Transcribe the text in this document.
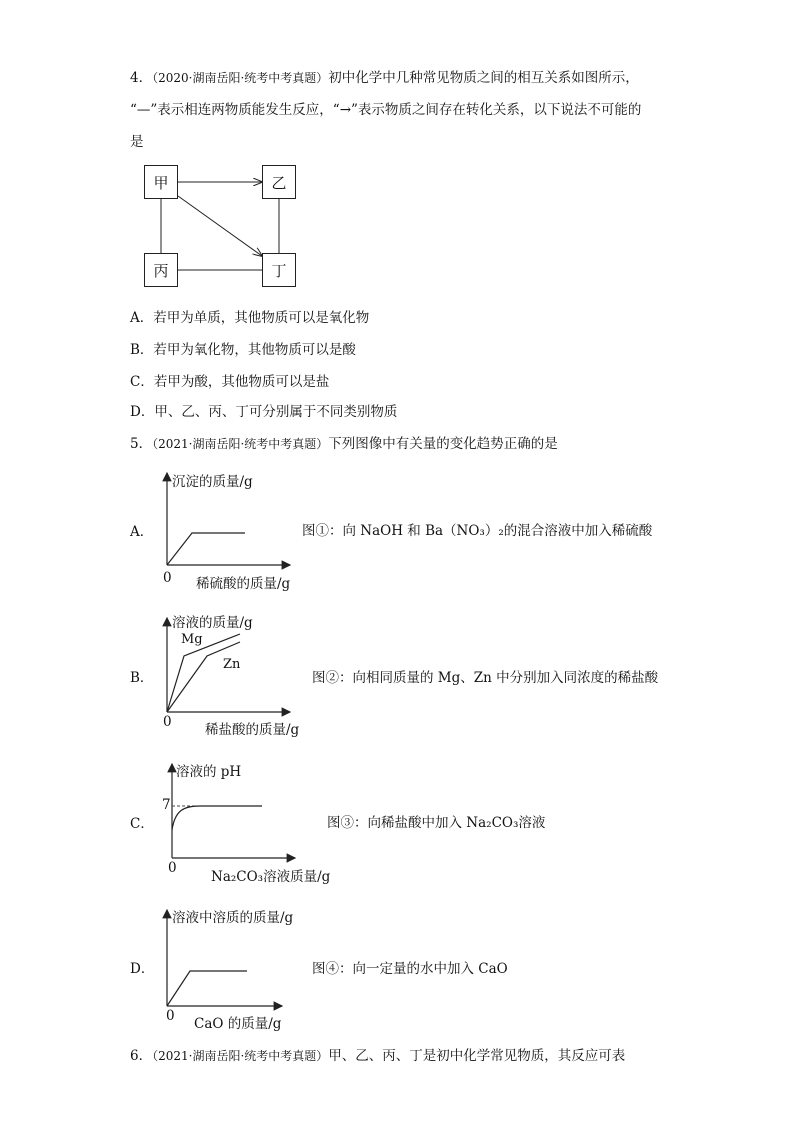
4．（2020·湖南岳阳·统考中考真题）初中化学中几种常见物质之间的相互关系如图所示，
“—”表示相连两物质能发生反应，“→”表示物质之间存在转化关系，以下说法不可能的
是
甲	乙
丙	丁
A．若甲为单质，其他物质可以是氧化物
B．若甲为氧化物，其他物质可以是酸
C．若甲为酸，其他物质可以是盐
D．甲、乙、丙、丁可分别属于不同类别物质
5．（2021·湖南岳阳·统考中考真题）下列图像中有关量的变化趋势正确的是
A．
沉淀的质量/g
0 稀硫酸的质量/g
图①：向 NaOH 和 Ba（NO₃）₂的混合溶液中加入稀硫酸
B．
溶液的质量/g
Mg
Zn
0 稀盐酸的质量/g
图②：向相同质量的 Mg、Zn 中分别加入同浓度的稀盐酸
C．
溶液的 pH
7
0
Na₂CO₃溶液质量/g
图③：向稀盐酸中加入 Na₂CO₃溶液
D．
溶液中溶质的质量/g
0 CaO 的质量/g
图④：向一定量的水中加入 CaO
6．（2021·湖南岳阳·统考中考真题）甲、乙、丙、丁是初中化学常见物质，其反应可表
